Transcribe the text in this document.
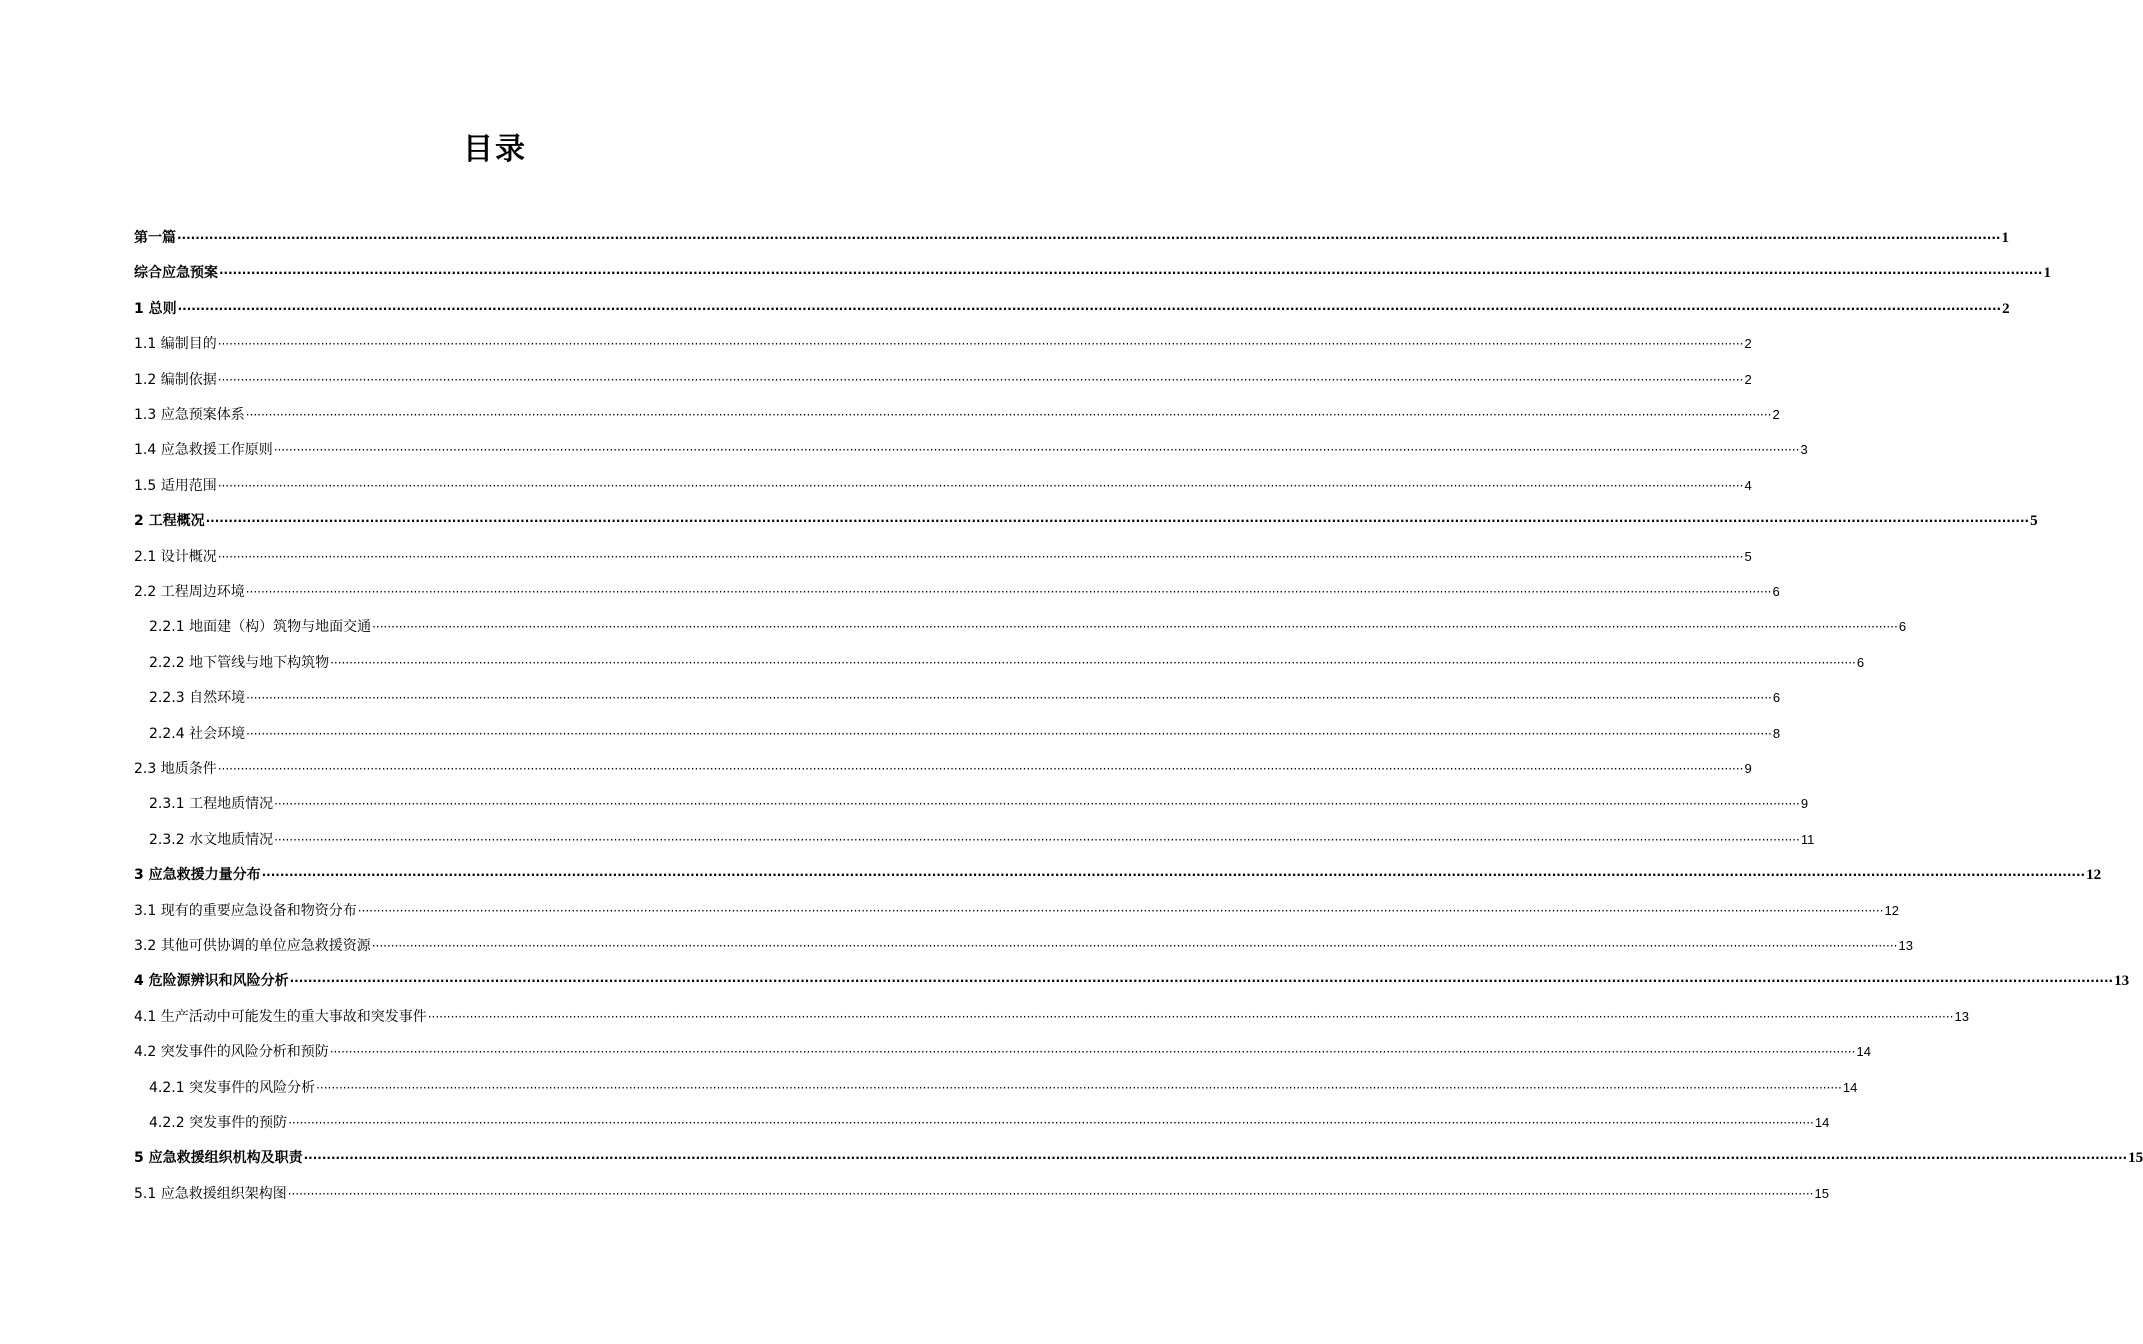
目录
第一篇 ················································································································································································································································································································································································································ 1
综合应急预案 ················································································································································································································································································································································································································ 1
1 总则 ················································································································································································································································································································································································································ 2
1.1 编制目的 ················································································································································································································································································································································································································ 2
1.2 编制依据 ················································································································································································································································································································································································································ 2
1.3 应急预案体系 ················································································································································································································································································································································································································ 2
1.4 应急救援工作原则 ················································································································································································································································································································································································································ 3
1.5 适用范围 ················································································································································································································································································································································································································ 4
2 工程概况 ················································································································································································································································································································································································································ 5
2.1 设计概况 ················································································································································································································································································································································································································ 5
2.2 工程周边环境 ················································································································································································································································································································································································································ 6
2.2.1 地面建（构）筑物与地面交通 ················································································································································································································································································································································································································ 6
2.2.2 地下管线与地下构筑物 ················································································································································································································································································································································································································ 6
2.2.3 自然环境 ················································································································································································································································································································································································································ 6
2.2.4 社会环境 ················································································································································································································································································································································································································ 8
2.3 地质条件 ················································································································································································································································································································································································································ 9
2.3.1 工程地质情况 ················································································································································································································································································································································································································ 9
2.3.2 水文地质情况 ················································································································································································································································································································································································································ 11
3 应急救援力量分布 ················································································································································································································································································································································································································ 12
3.1 现有的重要应急设备和物资分布 ················································································································································································································································································································································································································ 12
3.2 其他可供协调的单位应急救援资源 ················································································································································································································································································································································································································ 13
4 危险源辨识和风险分析 ················································································································································································································································································································································································································ 13
4.1 生产活动中可能发生的重大事故和突发事件 ················································································································································································································································································································································································································ 13
4.2 突发事件的风险分析和预防 ················································································································································································································································································································································································································ 14
4.2.1 突发事件的风险分析 ················································································································································································································································································································································································································ 14
4.2.2 突发事件的预防 ················································································································································································································································································································································································································ 14
5 应急救援组织机构及职责 ················································································································································································································································································································································································································ 15
5.1 应急救援组织架构图 ················································································································································································································································································································································································································ 15
